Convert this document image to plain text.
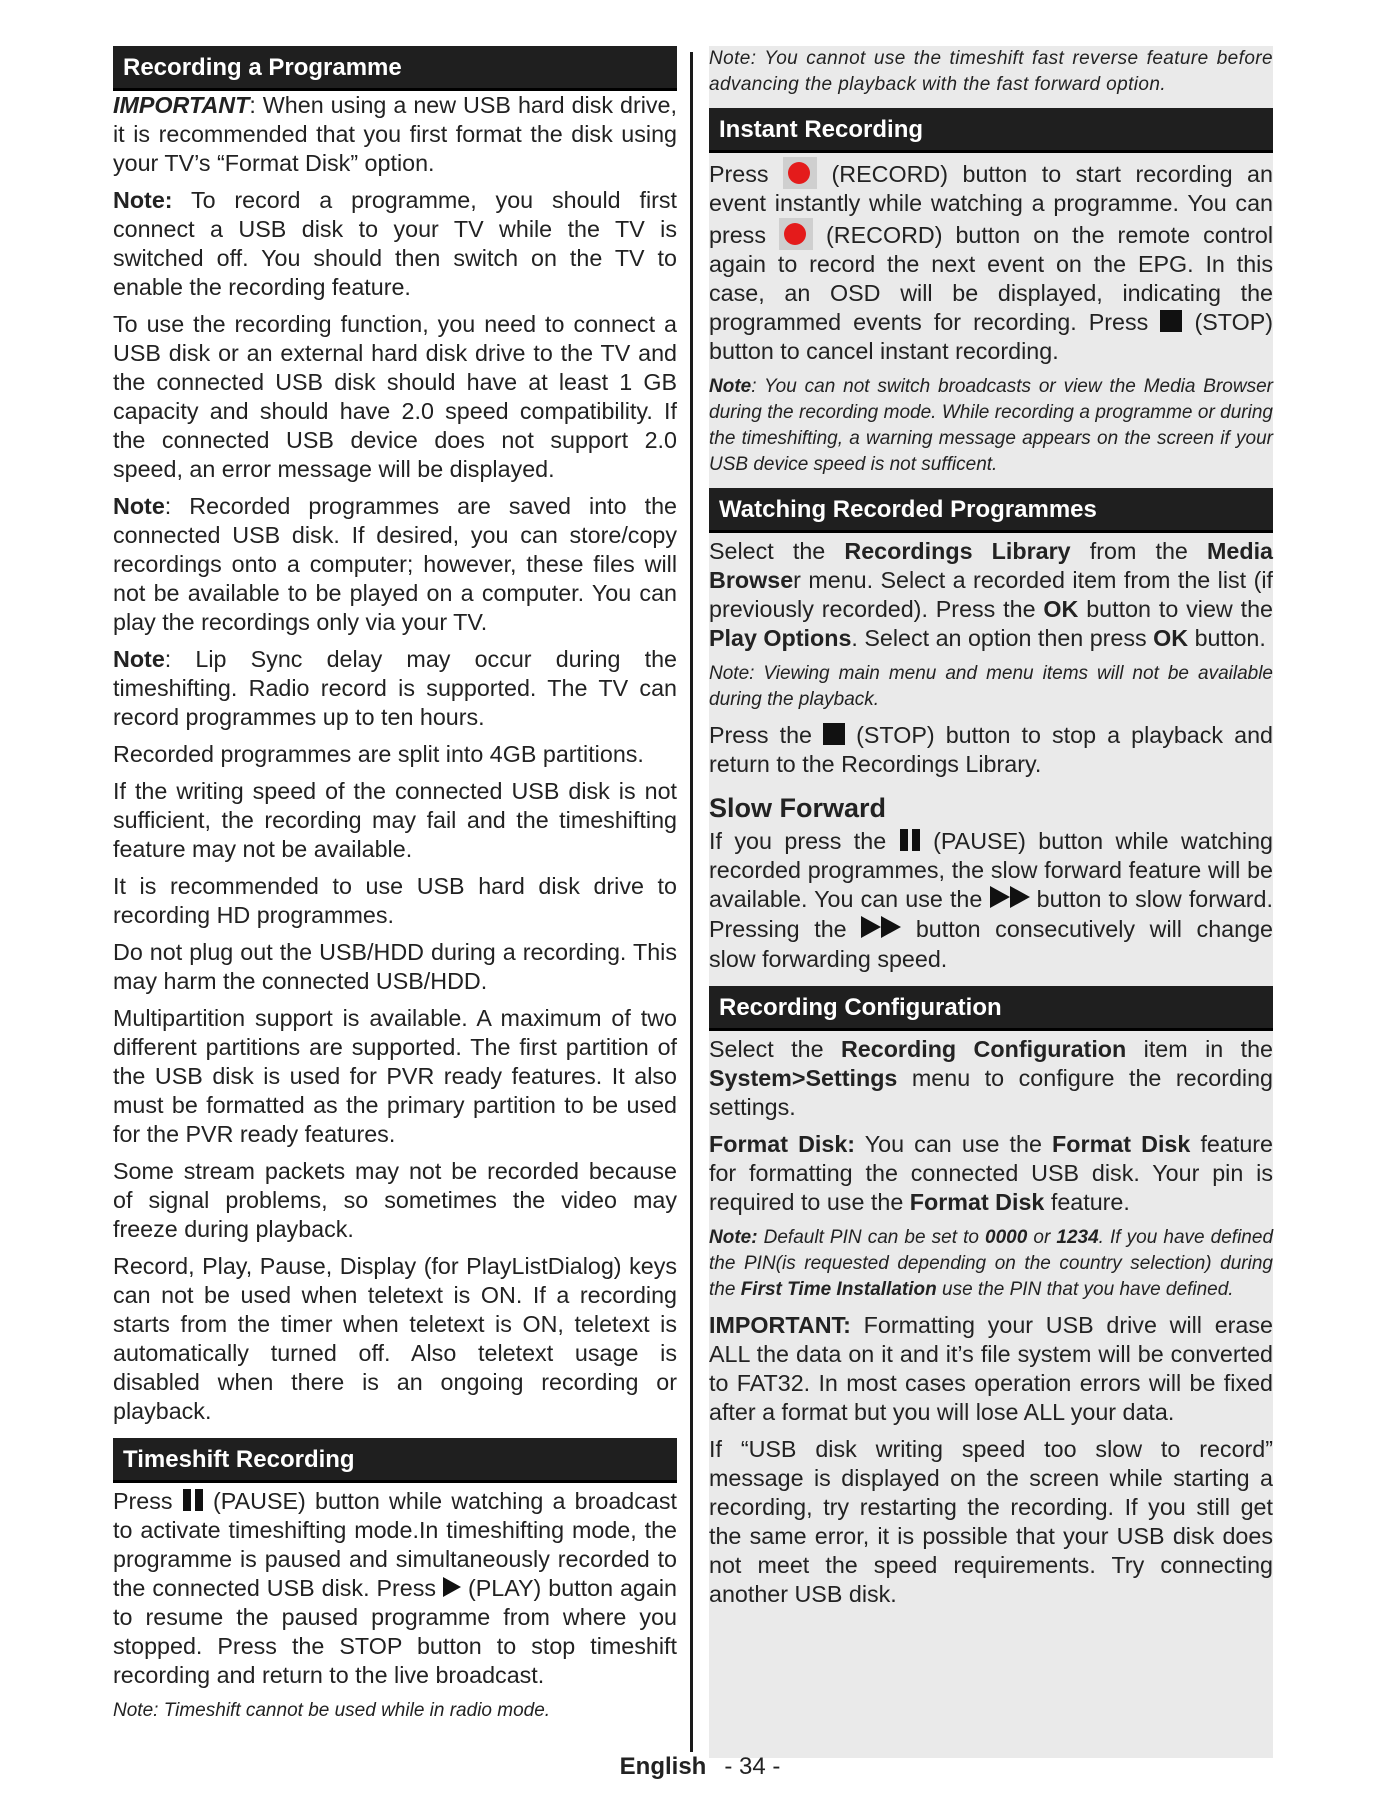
Recording a Programme

IMPORTANT: When using a new USB hard disk drive, it is recommended that you first format the disk using your TV’s “Format Disk” option.

Note: To record a programme, you should first connect a USB disk to your TV while the TV is switched off. You should then switch on the TV to enable the recording feature.

To use the recording function, you need to connect a USB disk or an external hard disk drive to the TV and the connected USB disk should have at least 1 GB capacity and should have 2.0 speed compatibility. If the connected USB device does not support 2.0 speed, an error message will be displayed.

Note: Recorded programmes are saved into the connected USB disk. If desired, you can store/copy recordings onto a computer; however, these files will not be available to be played on a computer. You can play the recordings only via your TV.

Note: Lip Sync delay may occur during the timeshifting. Radio record is supported. The TV can record programmes up to ten hours.

Recorded programmes are split into 4GB partitions.

If the writing speed of the connected USB disk is not sufficient, the recording may fail and the timeshifting feature may not be available.

It is recommended to use USB hard disk drive to recording HD programmes.

Do not plug out the USB/HDD during a recording. This may harm the connected USB/HDD.

Multipartition support is available. A maximum of two different partitions are supported. The first partition of the USB disk is used for PVR ready features. It also must be formatted as the primary partition to be used for the PVR ready features.

Some stream packets may not be recorded because of signal problems, so sometimes the video may freeze during playback.

Record, Play, Pause, Display (for PlayListDialog) keys can not be used when teletext is ON. If a recording starts from the timer when teletext is ON, teletext is automatically turned off. Also teletext usage is disabled when there is an ongoing recording or playback.

Timeshift Recording

Press (PAUSE) button while watching a broadcast to activate timeshifting mode.In timeshifting mode, the programme is paused and simultaneously recorded to the connected USB disk. Press (PLAY) button again to resume the paused programme from where you stopped. Press the STOP button to stop timeshift recording and return to the live broadcast.

Note: Timeshift cannot be used while in radio mode.

Note: You cannot use the timeshift fast reverse feature before advancing the playback with the fast forward option.

Instant Recording

Press	(RECORD) button to start recording an event instantly while watching a programme. You can press	(RECORD) button on the remote control again to record the next event on the EPG. In this case, an OSD will be displayed, indicating the programmed events for recording. Press (STOP) button to cancel instant recording.

Note: You can not switch broadcasts or view the Media Browser during the recording mode. While recording a programme or during the timeshifting, a warning message appears on the screen if your USB device speed is not sufficent.

Watching Recorded Programmes

Select the Recordings Library from the Media Browser menu. Select a recorded item from the list (if previously recorded). Press the OK button to view the Play Options. Select an option then press OK button.

Note: Viewing main menu and menu items will not be available during the playback.

Press the (STOP) button to stop a playback and return to the Recordings Library.

Slow Forward

If you press the (PAUSE) button while watching recorded programmes, the slow forward feature will be available. You can use the button to slow forward. Pressing the	button consecutively will change slow forwarding speed.

Recording Configuration

Select the Recording Configuration item in the System>Settings menu to configure the recording settings.

Format Disk: You can use the Format Disk feature for formatting the connected USB disk. Your pin is required to use the Format Disk feature.

Note: Default PIN can be set to 0000 or 1234. If you have defined the PIN(is requested depending on the country selection) during the First Time Installation use the PIN that you have defined.

IMPORTANT: Formatting your USB drive will erase ALL the data on it and it’s file system will be converted to FAT32. In most cases operation errors will be fixed after a format but you will lose ALL your data.

If “USB disk writing speed too slow to record” message is displayed on the screen while starting a recording, try restarting the recording. If you still get the same error, it is possible that your USB disk does not meet the speed requirements. Try connecting another USB disk.

English - 34 -
